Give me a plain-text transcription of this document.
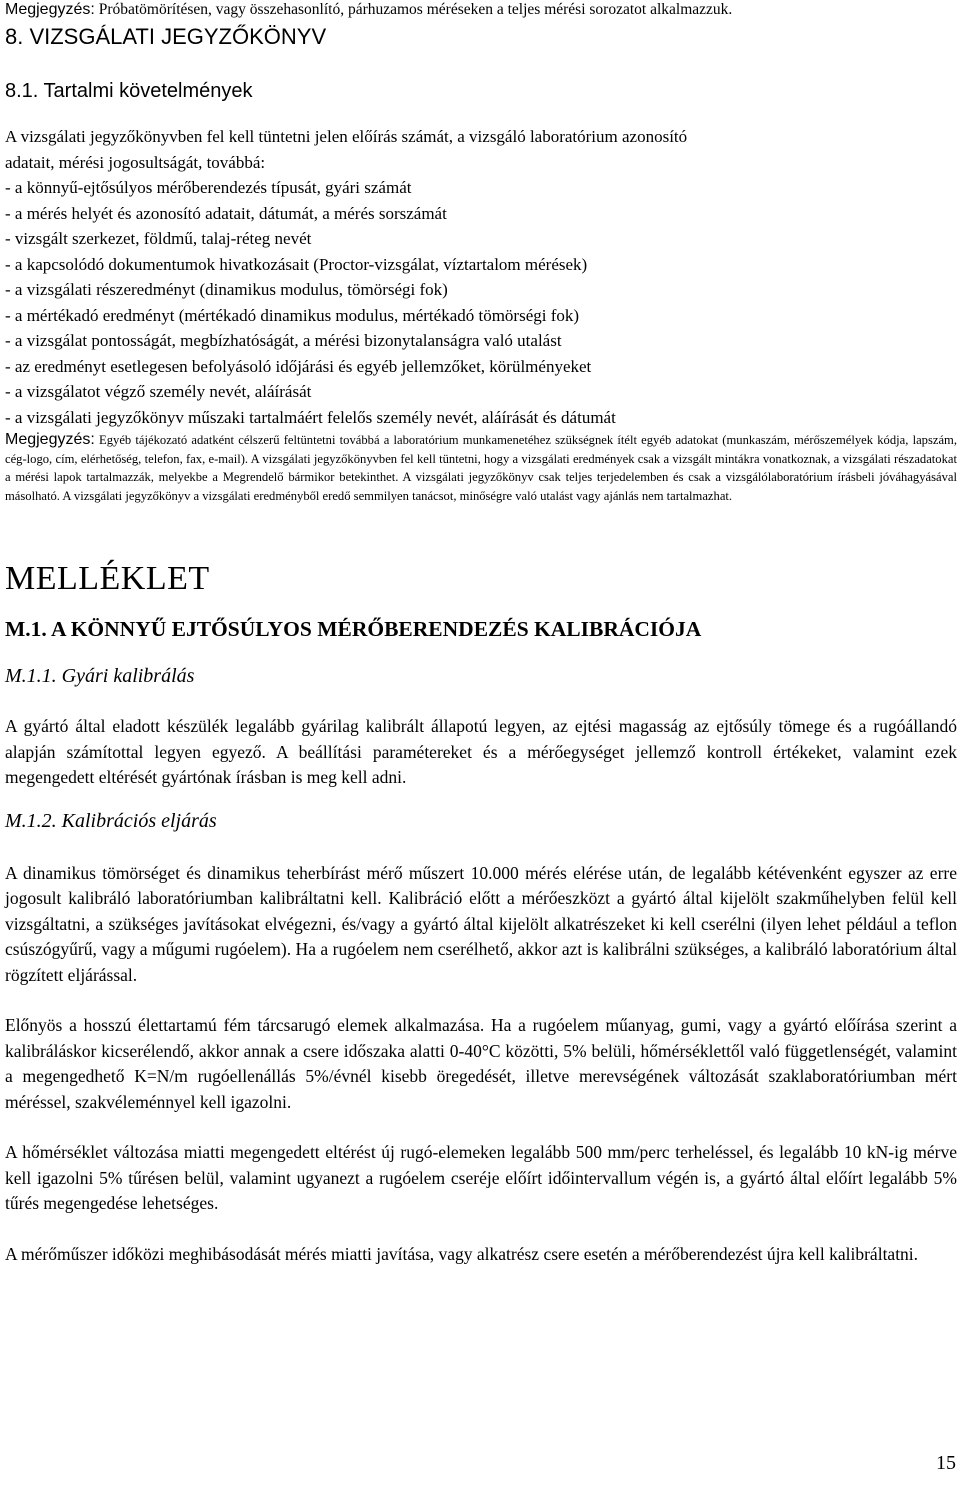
Megjegyzés: Próbatömörítésen, vagy összehasonlító, párhuzamos méréseken a teljes mérési sorozatot alkalmazzuk.
8. VIZSGÁLATI JEGYZŐKÖNYV
8.1. Tartalmi követelmények
A vizsgálati jegyzőkönyvben fel kell tüntetni jelen előírás számát, a vizsgáló laboratórium azonosító
adatait, mérési jogosultságát, továbbá:
- a könnyű-ejtősúlyos mérőberendezés típusát, gyári számát
- a mérés helyét és azonosító adatait, dátumát, a mérés sorszámát
- vizsgált szerkezet, földmű, talaj-réteg nevét
- a kapcsolódó dokumentumok hivatkozásait (Proctor-vizsgálat, víztartalom mérések)
- a vizsgálati részeredményt (dinamikus modulus, tömörségi fok)
- a mértékadó eredményt (mértékadó dinamikus modulus, mértékadó tömörségi fok)
- a vizsgálat pontosságát, megbízhatóságát, a mérési bizonytalanságra való utalást
- az eredményt esetlegesen befolyásoló időjárási és egyéb jellemzőket, körülményeket
- a vizsgálatot végző személy nevét, aláírását
- a vizsgálati jegyzőkönyv műszaki tartalmáért felelős személy nevét, aláírását és dátumát
Megjegyzés: Egyéb tájékozató adatként célszerű feltüntetni továbbá a laboratórium munkamenetéhez szükségnek ítélt egyéb adatokat (munkaszám, mérőszemélyek kódja, lapszám, cég-logo, cím, elérhetőség, telefon, fax, e-mail). A vizsgálati jegyzőkönyvben fel kell tüntetni, hogy a vizsgálati eredmények csak a vizsgált mintákra vonatkoznak, a vizsgálati részadatokat a mérési lapok tartalmazzák, melyekbe a Megrendelő bármikor betekinthet. A vizsgálati jegyzőkönyv csak teljes terjedelemben és csak a vizsgálólaboratórium írásbeli jóváhagyásával másolható. A vizsgálati jegyzőkönyv a vizsgálati eredményből eredő semmilyen tanácsot, minőségre való utalást vagy ajánlás nem tartalmazhat.
MELLÉKLET
M.1. A KÖNNYŰ EJTŐSÚLYOS MÉRŐBERENDEZÉS KALIBRÁCIÓJA
M.1.1. Gyári kalibrálás
A gyártó által eladott készülék legalább gyárilag kalibrált állapotú legyen, az ejtési magasság az ejtősúly tömege és a rugóállandó alapján számítottal legyen egyező. A beállítási paramétereket és a mérőegységet jellemző kontroll értékeket, valamint ezek megengedett eltérését gyártónak írásban is meg kell adni.
M.1.2. Kalibrációs eljárás
A dinamikus tömörséget és dinamikus teherbírást mérő műszert 10.000 mérés elérése után, de legalább kétévenként egyszer az erre jogosult kalibráló laboratóriumban kalibráltatni kell. Kalibráció előtt a mérőeszközt a gyártó által kijelölt szakműhelyben felül kell vizsgáltatni, a szükséges javításokat elvégezni, és/vagy a gyártó által kijelölt alkatrészeket ki kell cserélni (ilyen lehet például a teflon csúszógyűrű, vagy a műgumi rugóelem). Ha a rugóelem nem cserélhető, akkor azt is kalibrálni szükséges, a kalibráló laboratórium által rögzített eljárással.
Előnyös a hosszú élettartamú fém tárcsarugó elemek alkalmazása. Ha a rugóelem műanyag, gumi, vagy a gyártó előírása szerint a kalibráláskor kicserélendő, akkor annak a csere időszaka alatti 0-40°C közötti, 5% belüli, hőmérséklettől való függetlenségét, valamint a megengedhető K=N/m rugóellenállás 5%/évnél kisebb öregedését, illetve merevségének változását szaklaboratóriumban mért méréssel, szakvéleménnyel kell igazolni.
A hőmérséklet változása miatti megengedett eltérést új rugó-elemeken legalább 500 mm/perc terheléssel, és legalább 10 kN-ig mérve kell igazolni 5% tűrésen belül, valamint ugyanezt a rugóelem cseréje előírt időintervallum végén is, a gyártó által előírt legalább 5% tűrés megengedése lehetséges.
A mérőműszer időközi meghibásodását mérés miatti javítása, vagy alkatrész csere esetén a mérőberendezést újra kell kalibráltatni.
15
